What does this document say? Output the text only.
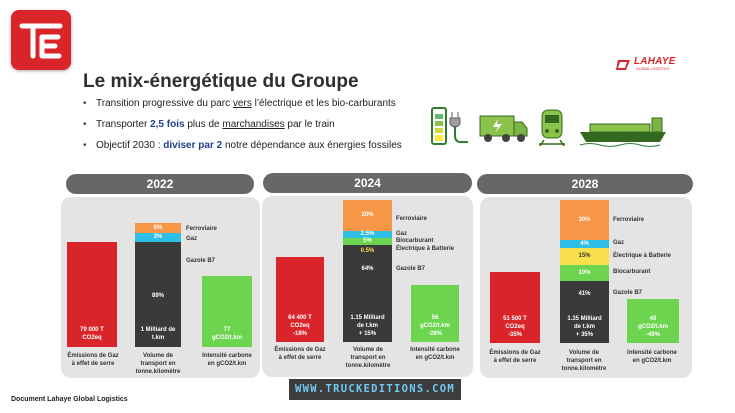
LAHAYE
GLOBAL LOGISTICS
Le mix-énergétique du Groupe
• Transition progressive du parc vers l’électrique et les bio-carburants
• Transporter 2,5 fois plus de marchandises par le train
• Objectif 2030 : diviser par 2 notre dépendance aux énergies fossiles
2022
79 000 T
CO2eq
8%
3%
89%
1 Milliard de
t.km
Ferroviaire
Gaz
Gazole B7
77
gCO2/t.km
Émissions de Gaz
à effet de serre
Volume de
transport en
tonne.kilomètre
Intensité carbone
en gCO2/t.km
2024
64 400 T
CO2eq
-18%
20%
2.5%
5%
0.5%
64%
1.15 Milliard
de t.km
+ 15%
Ferroviaire
Gaz
Biocarburant
Électrique à Batterie
Gazole B7
56
gCO2/t.km
-28%
Émissions de Gaz
à effet de serre
Volume de
transport en
tonne.kilomètre
Intensité carbone
en gCO2/t.km
2028
51 500 T
CO2eq
-35%
30%
4%
15%
10%
41%
1.35 Milliard
de t.km
+ 35%
Ferroviaire
Gaz
Électrique à Batterie
Biocarburant
Gazole B7
40
gCO2/t.km
-49%
Émissions de Gaz
à effet de serre
Volume de
transport en
tonne.kilomètre
Intensité carbone
en gCO2/t.km
WWW.TRUCKEDITIONS.COM
Document Lahaye Global Logistics
